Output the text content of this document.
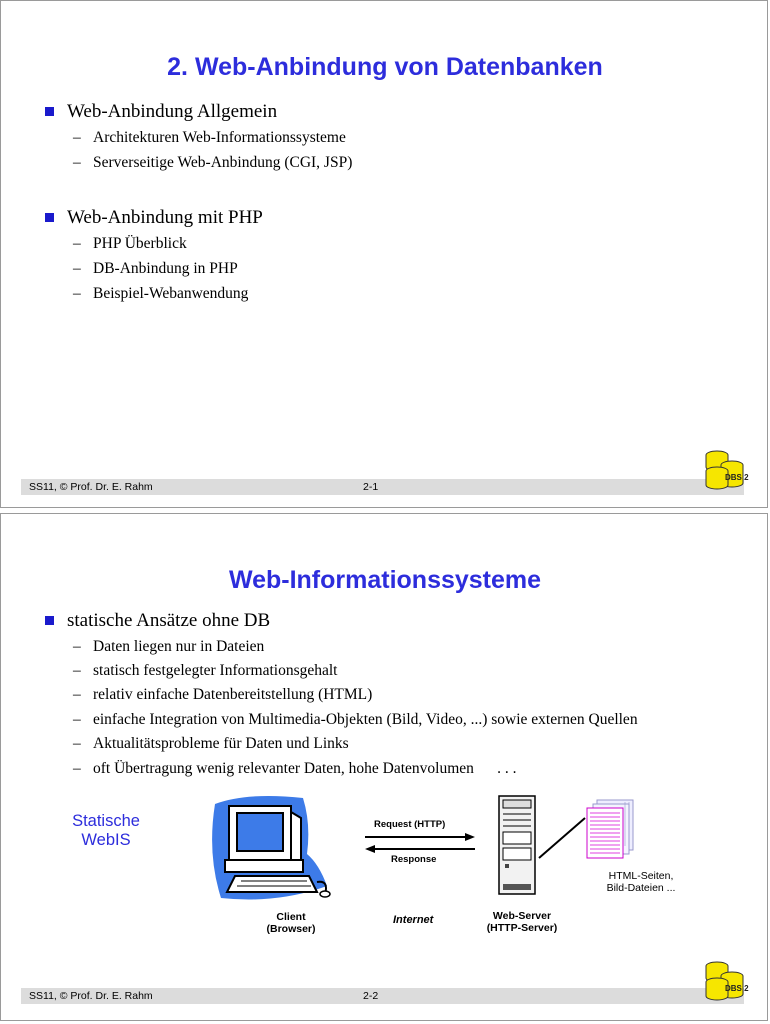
2. Web-Anbindung von Datenbanken
Web-Anbindung Allgemein
– Architekturen Web-Informationssysteme
– Serverseitige Web-Anbindung (CGI, JSP)
Web-Anbindung mit PHP
– PHP Überblick
– DB-Anbindung in PHP
– Beispiel-Webanwendung
SS11, © Prof. Dr. E. Rahm	2-1
DBS 2
Web-Informationssysteme
statische Ansätze ohne DB
– Daten liegen nur in Dateien
– statisch festgelegter Informationsgehalt
– relativ einfache Datenbereitstellung (HTML)
– einfache Integration von Multimedia-Objekten (Bild, Video, ...) sowie externen Quellen
– Aktualitätsprobleme für Daten und Links
– oft Übertragung wenig relevanter Daten, hohe Datenvolumen      . . .
Statische
WebIS
Request (HTTP)
Response
HTML-Seiten,
Bild-Dateien ...
Client
(Browser)
Internet	Web-Server
(HTTP-Server)
SS11, © Prof. Dr. E. Rahm	2-2
DBS 2
